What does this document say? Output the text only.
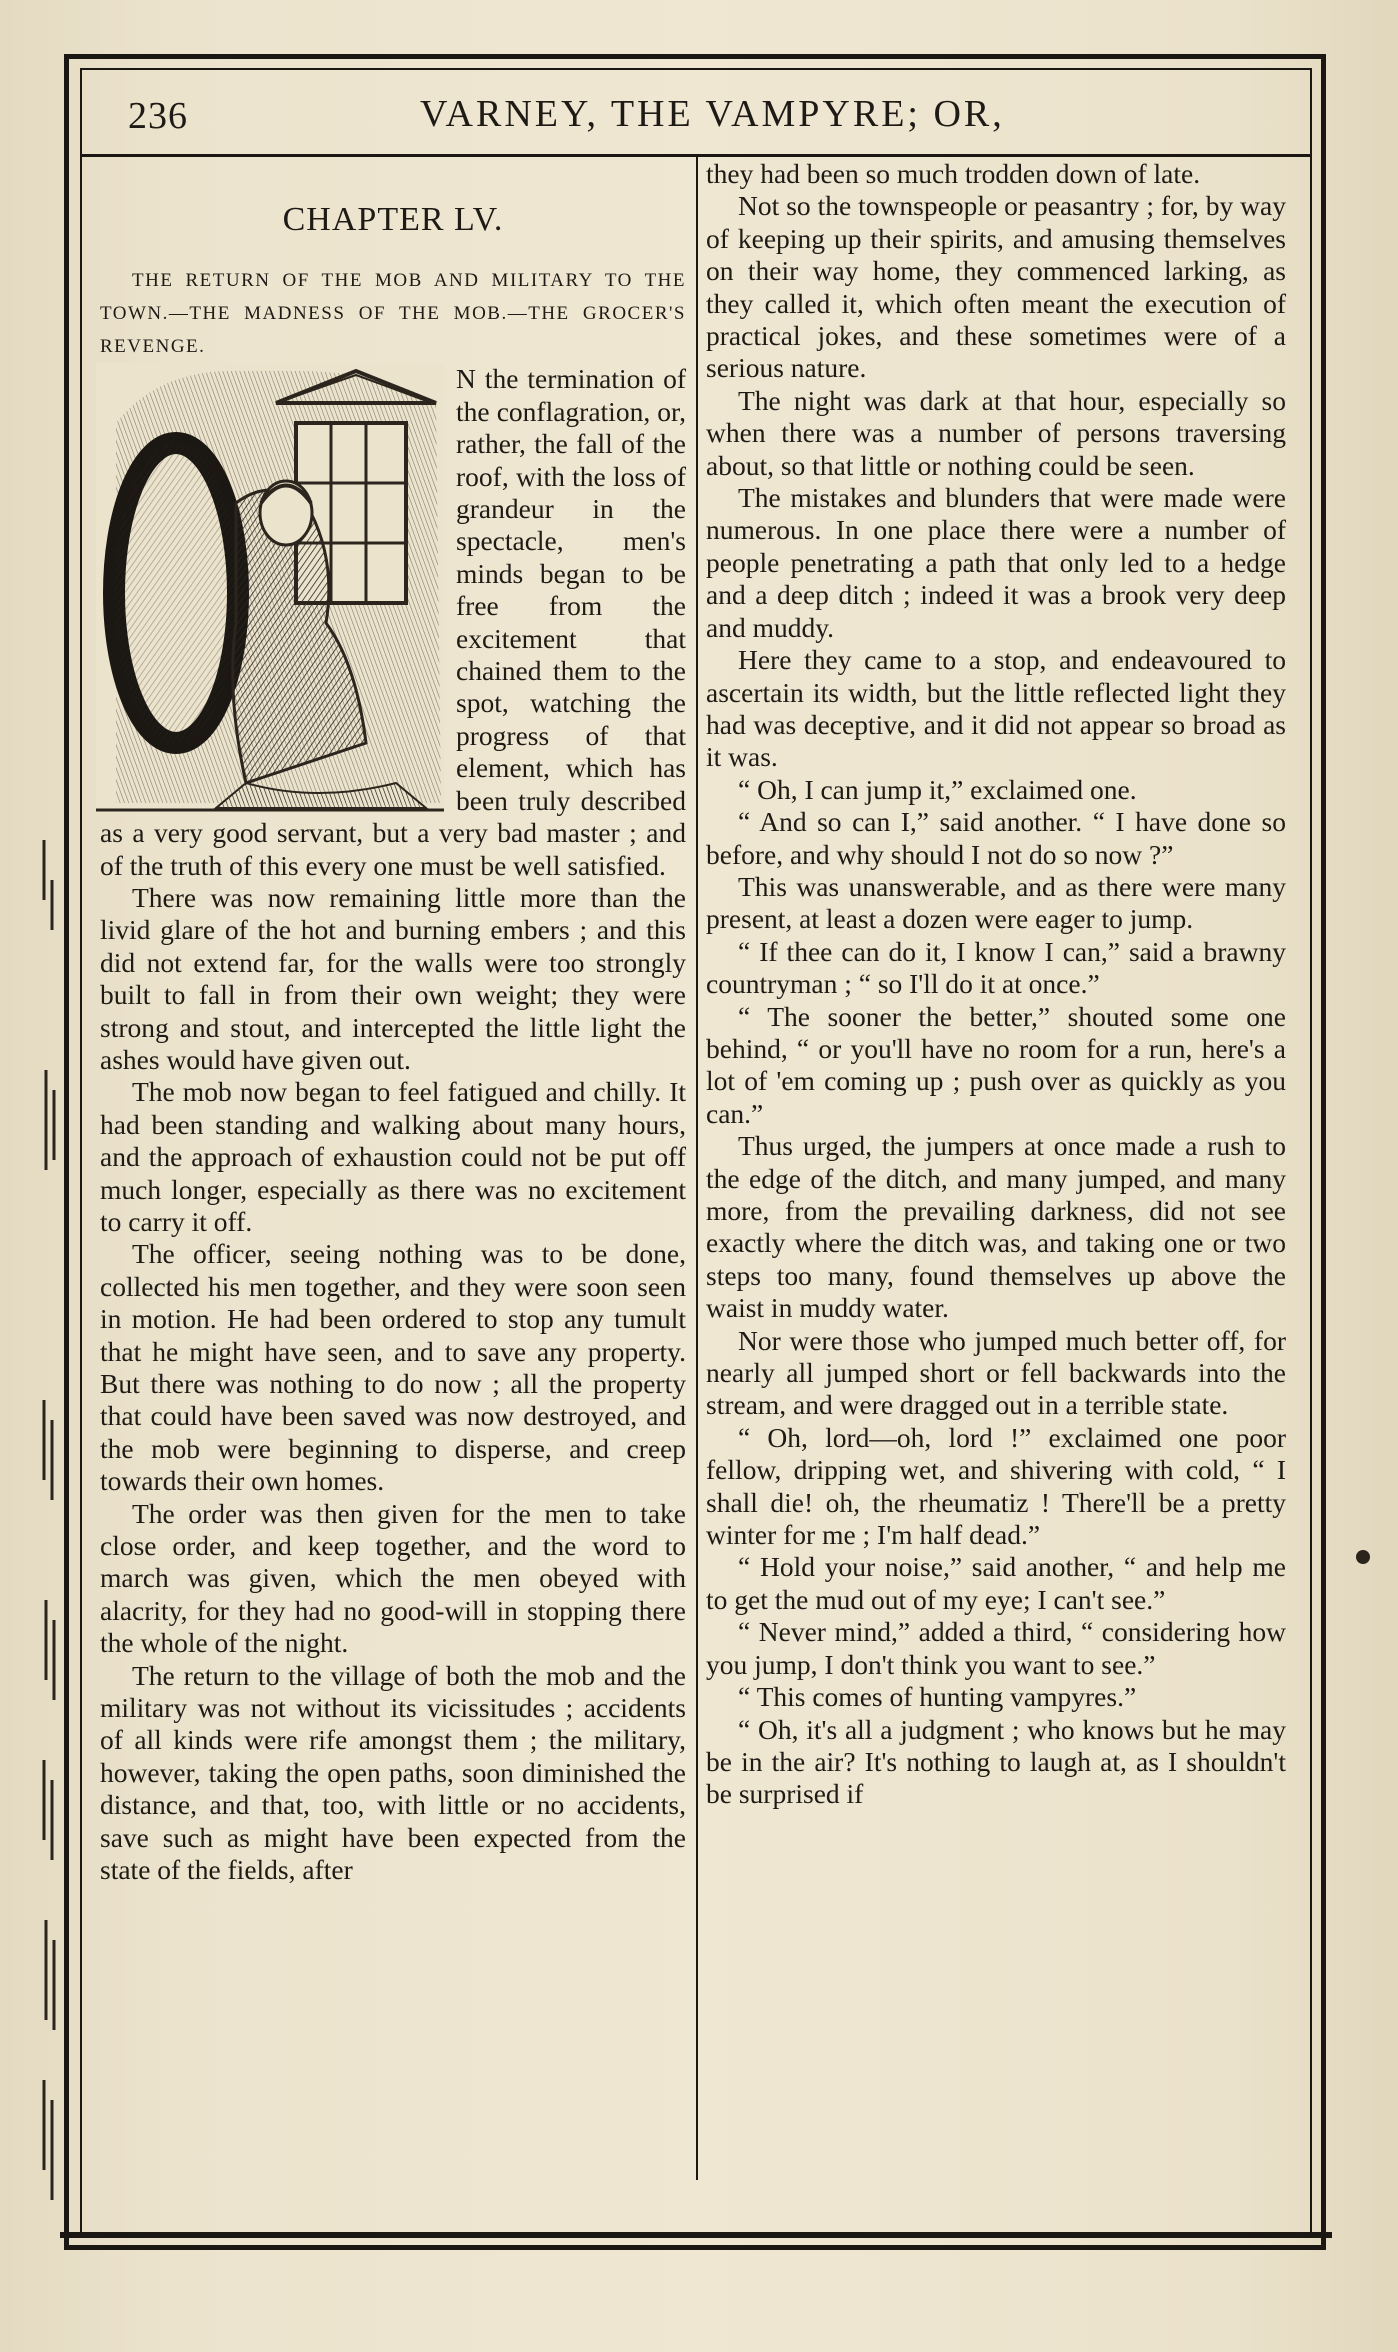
236	VARNEY, THE VAMPYRE; OR,
CHAPTER LV.

THE RETURN OF THE MOB AND MILITARY TO THE TOWN.—THE MADNESS OF THE MOB.—THE GROCER'S REVENGE.

N the termination of the conflagration, or, rather, the fall of the roof, with the loss of grandeur in the spectacle, men's minds began to be free from the excitement that chained them to the spot, watching the progress of that element, which has been truly described as a very good servant, but a very bad master ; and of the truth of this every one must be well satisfied.

There was now remaining little more than the livid glare of the hot and burning embers ; and this did not extend far, for the walls were too strongly built to fall in from their own weight; they were strong and stout, and intercepted the little light the ashes would have given out.

The mob now began to feel fatigued and chilly. It had been standing and walking about many hours, and the approach of exhaustion could not be put off much longer, especially as there was no excitement to carry it off.

The officer, seeing nothing was to be done, collected his men together, and they were soon seen in motion. He had been ordered to stop any tumult that he might have seen, and to save any property. But there was nothing to do now ; all the property that could have been saved was now destroyed, and the mob were beginning to disperse, and creep towards their own homes.

The order was then given for the men to take close order, and keep together, and the word to march was given, which the men obeyed with alacrity, for they had no good-will in stopping there the whole of the night.

The return to the village of both the mob and the military was not without its vicissitudes ; accidents of all kinds were rife amongst them ; the military, however, taking the open paths, soon diminished the distance, and that, too, with little or no accidents, save such as might have been expected from the state of the fields, after

they had been so much trodden down of late.

Not so the townspeople or peasantry ; for, by way of keeping up their spirits, and amusing themselves on their way home, they commenced larking, as they called it, which often meant the execution of practical jokes, and these sometimes were of a serious nature.

The night was dark at that hour, especially so when there was a number of persons traversing about, so that little or nothing could be seen.

The mistakes and blunders that were made were numerous. In one place there were a number of people penetrating a path that only led to a hedge and a deep ditch ; indeed it was a brook very deep and muddy.

Here they came to a stop, and endeavoured to ascertain its width, but the little reflected light they had was deceptive, and it did not appear so broad as it was.

“ Oh, I can jump it,” exclaimed one.

“ And so can I,” said another. “ I have done so before, and why should I not do so now ?”

This was unanswerable, and as there were many present, at least a dozen were eager to jump.

“ If thee can do it, I know I can,” said a brawny countryman ; “ so I'll do it at once.”

“ The sooner the better,” shouted some one behind, “ or you'll have no room for a run, here's a lot of 'em coming up ; push over as quickly as you can.”

Thus urged, the jumpers at once made a rush to the edge of the ditch, and many jumped, and many more, from the prevailing darkness, did not see exactly where the ditch was, and taking one or two steps too many, found themselves up above the waist in muddy water.

Nor were those who jumped much better off, for nearly all jumped short or fell backwards into the stream, and were dragged out in a terrible state.

“ Oh, lord—oh, lord !” exclaimed one poor fellow, dripping wet, and shivering with cold, “ I shall die! oh, the rheumatiz ! There'll be a pretty winter for me ; I'm half dead.”

“ Hold your noise,” said another, “ and help me to get the mud out of my eye; I can't see.”

“ Never mind,” added a third, “ considering how you jump, I don't think you want to see.”

“ This comes of hunting vampyres.”

“ Oh, it's all a judgment ; who knows but he may be in the air? It's nothing to laugh at, as I shouldn't be surprised if
